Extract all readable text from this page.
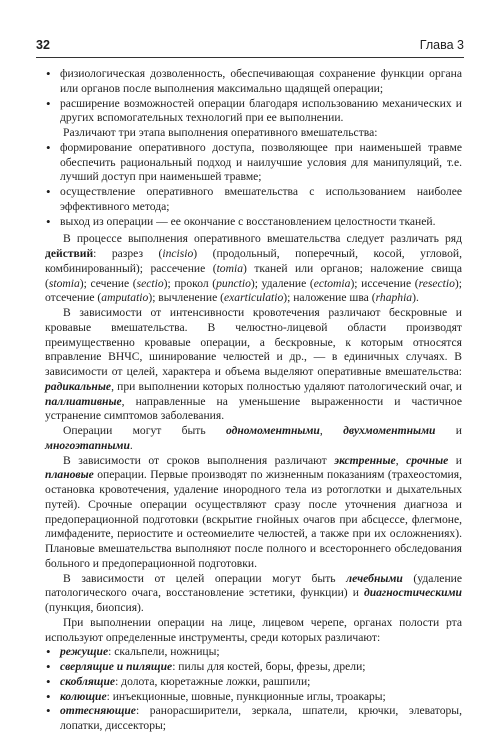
32	Глава 3

• физиологическая дозволенность, обеспечивающая сохранение функции органа или органов после выполнения максимально щадящей операции;

• расширение возможностей операции благодаря использованию механических и других вспомогательных технологий при ее выполнении.

Различают три этапа выполнения оперативного вмешательства:

• формирование оперативного доступа, позволяющее при наименьшей травме обеспечить рациональный подход и наилучшие условия для манипуляций, т.е. лучший доступ при наименьшей травме;

• осуществление оперативного вмешательства с использованием наиболее эффективного метода;

• выход из операции — ее окончание с восстановлением целостности тканей.

В процессе выполнения оперативного вмешательства следует различать ряд действий: разрез (incisio) (продольный, поперечный, косой, угловой, комбинированный); рассечение (tomia) тканей или органов; наложение свища (stomia); сечение (sectio); прокол (punctio); удаление (ectomia); иссечение (resectio); отсечение (amputatio); вычленение (exarticulatio); наложение шва (rhaphia).

В зависимости от интенсивности кровотечения различают бескровные и кровавые вмешательства. В челюстно-лицевой области производят преимущественно кровавые операции, а бескровные, к которым относятся вправление ВНЧС, шинирование челюстей и др., — в единичных случаях. В зависимости от целей, характера и объема выделяют оперативные вмешательства: радикальные, при выполнении которых полностью удаляют патологический очаг, и паллиативные, направленные на уменьшение выраженности и частичное устранение симптомов заболевания.

Операции могут быть одномоментными, двухмоментными и многоэтапными.

В зависимости от сроков выполнения различают экстренные, срочные и плановые операции. Первые производят по жизненным показаниям (трахеостомия, остановка кровотечения, удаление инородного тела из ротоглотки и дыхательных путей). Срочные операции осуществляют сразу после уточнения диагноза и предоперационной подготовки (вскрытие гнойных очагов при абсцессе, флегмоне, лимфадените, периостите и остеомиелите челюстей, а также при их осложнениях). Плановые вмешательства выполняют после полного и всестороннего обследования больного и предоперационной подготовки.

В зависимости от целей операции могут быть лечебными (удаление патологического очага, восстановление эстетики, функции) и диагностическими (пункция, биопсия).

При выполнении операции на лице, лицевом черепе, органах полости рта используют определенные инструменты, среди которых различают:

• режущие: скальпели, ножницы;

• сверлящие и пилящие: пилы для костей, боры, фрезы, дрели;

• скоблящие: долота, кюретажные ложки, рашпили;

• колющие: инъекционные, шовные, пункционные иглы, троакары;

• оттесняющие: ранорасширители, зеркала, шпатели, крючки, элеваторы, лопатки, диссекторы;
